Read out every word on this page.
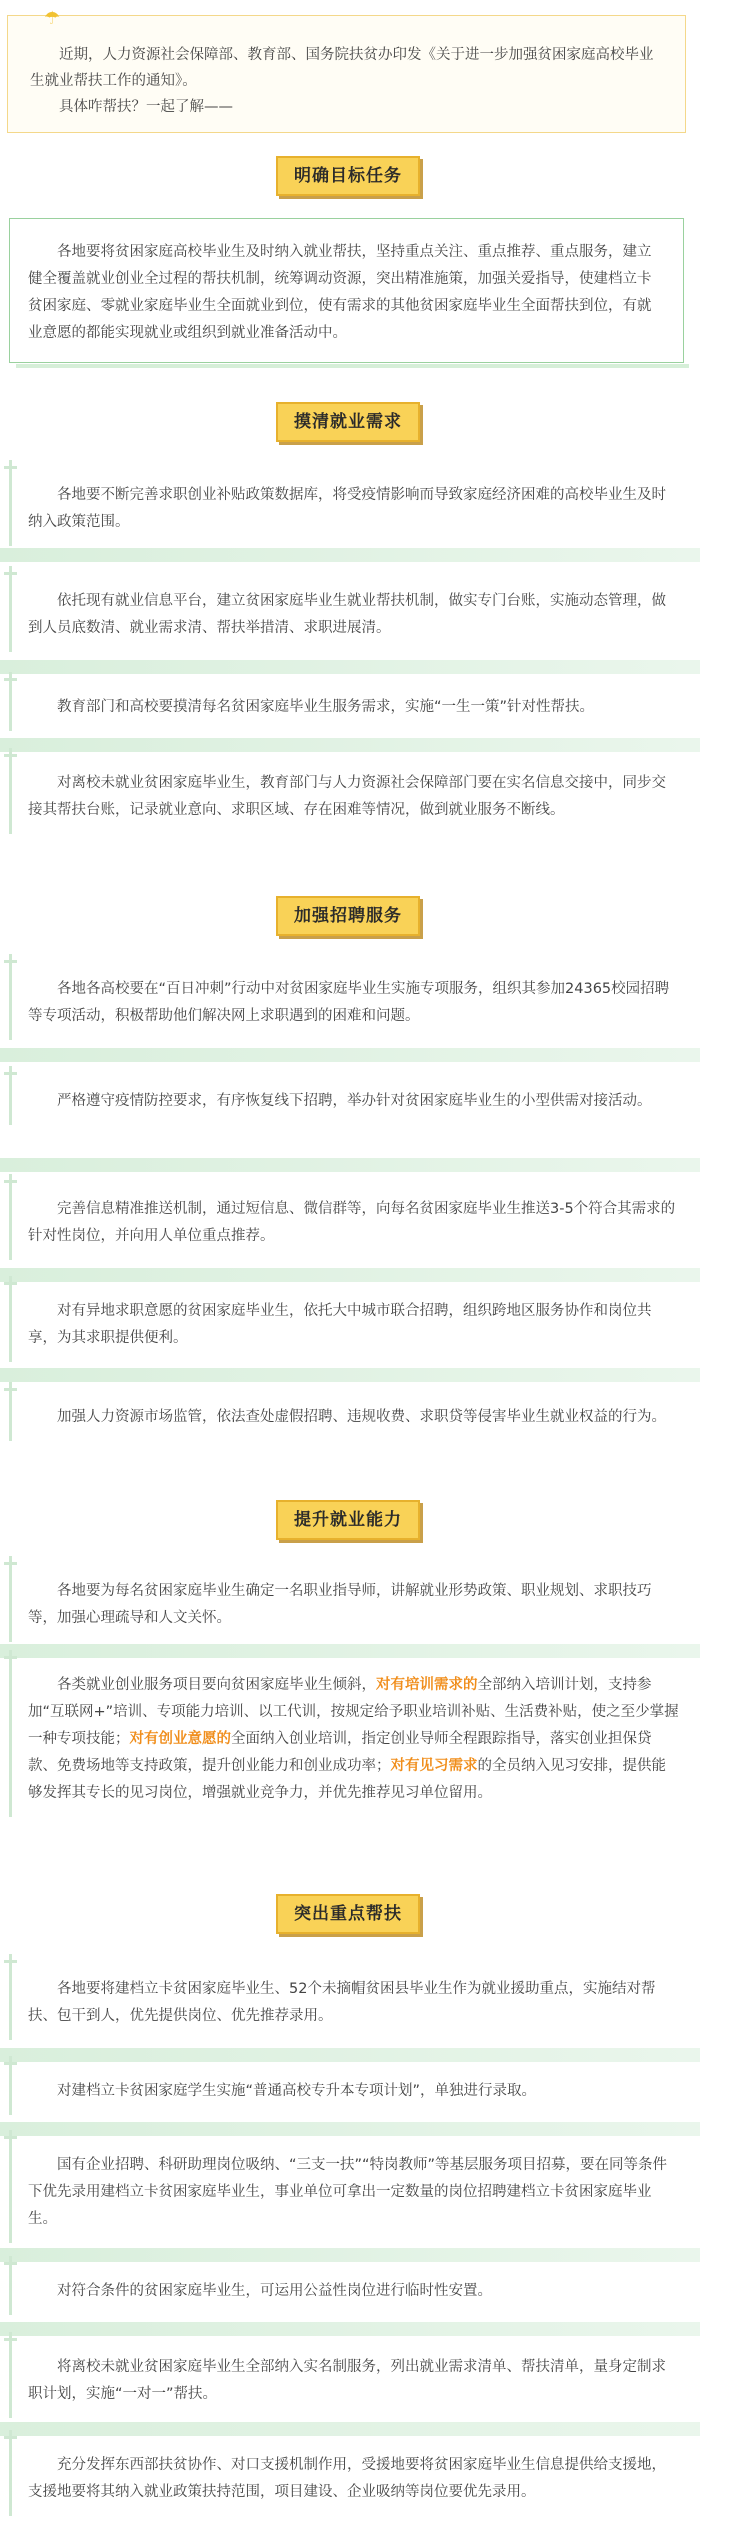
☂

近期，人力资源社会保障部、教育部、国务院扶贫办印发《关于进一步加强贫困家庭高校毕业生就业帮扶工作的通知》。

具体咋帮扶？一起了解——

明确目标任务

各地要将贫困家庭高校毕业生及时纳入就业帮扶，坚持重点关注、重点推荐、重点服务，建立健全覆盖就业创业全过程的帮扶机制，统筹调动资源，突出精准施策，加强关爱指导，使建档立卡贫困家庭、零就业家庭毕业生全面就业到位，使有需求的其他贫困家庭毕业生全面帮扶到位，有就业意愿的都能实现就业或组织到就业准备活动中。

摸清就业需求

各地要不断完善求职创业补贴政策数据库，将受疫情影响而导致家庭经济困难的高校毕业生及时纳入政策范围。

依托现有就业信息平台，建立贫困家庭毕业生就业帮扶机制，做实专门台账，实施动态管理，做到人员底数清、就业需求清、帮扶举措清、求职进展清。

教育部门和高校要摸清每名贫困家庭毕业生服务需求，实施“一生一策”针对性帮扶。

对离校未就业贫困家庭毕业生，教育部门与人力资源社会保障部门要在实名信息交接中，同步交接其帮扶台账，记录就业意向、求职区域、存在困难等情况，做到就业服务不断线。

加强招聘服务

各地各高校要在“百日冲刺”行动中对贫困家庭毕业生实施专项服务，组织其参加24365校园招聘等专项活动，积极帮助他们解决网上求职遇到的困难和问题。

严格遵守疫情防控要求，有序恢复线下招聘，举办针对贫困家庭毕业生的小型供需对接活动。

完善信息精准推送机制，通过短信息、微信群等，向每名贫困家庭毕业生推送3-5个符合其需求的针对性岗位，并向用人单位重点推荐。

对有异地求职意愿的贫困家庭毕业生，依托大中城市联合招聘，组织跨地区服务协作和岗位共享，为其求职提供便利。

加强人力资源市场监管，依法查处虚假招聘、违规收费、求职贷等侵害毕业生就业权益的行为。

提升就业能力

各地要为每名贫困家庭毕业生确定一名职业指导师，讲解就业形势政策、职业规划、求职技巧等，加强心理疏导和人文关怀。

各类就业创业服务项目要向贫困家庭毕业生倾斜，对有培训需求的全部纳入培训计划，支持参加“互联网+”培训、专项能力培训、以工代训，按规定给予职业培训补贴、生活费补贴，使之至少掌握一种专项技能；对有创业意愿的全面纳入创业培训，指定创业导师全程跟踪指导，落实创业担保贷款、免费场地等支持政策，提升创业能力和创业成功率；对有见习需求的全员纳入见习安排，提供能够发挥其专长的见习岗位，增强就业竞争力，并优先推荐见习单位留用。

突出重点帮扶

各地要将建档立卡贫困家庭毕业生、52个未摘帽贫困县毕业生作为就业援助重点，实施结对帮扶、包干到人，优先提供岗位、优先推荐录用。

对建档立卡贫困家庭学生实施“普通高校专升本专项计划”，单独进行录取。

国有企业招聘、科研助理岗位吸纳、“三支一扶”“特岗教师”等基层服务项目招募，要在同等条件下优先录用建档立卡贫困家庭毕业生，事业单位可拿出一定数量的岗位招聘建档立卡贫困家庭毕业生。

对符合条件的贫困家庭毕业生，可运用公益性岗位进行临时性安置。

将离校未就业贫困家庭毕业生全部纳入实名制服务，列出就业需求清单、帮扶清单，量身定制求职计划，实施“一对一”帮扶。

充分发挥东西部扶贫协作、对口支援机制作用，受援地要将贫困家庭毕业生信息提供给支援地，支援地要将其纳入就业政策扶持范围，项目建设、企业吸纳等岗位要优先录用。
